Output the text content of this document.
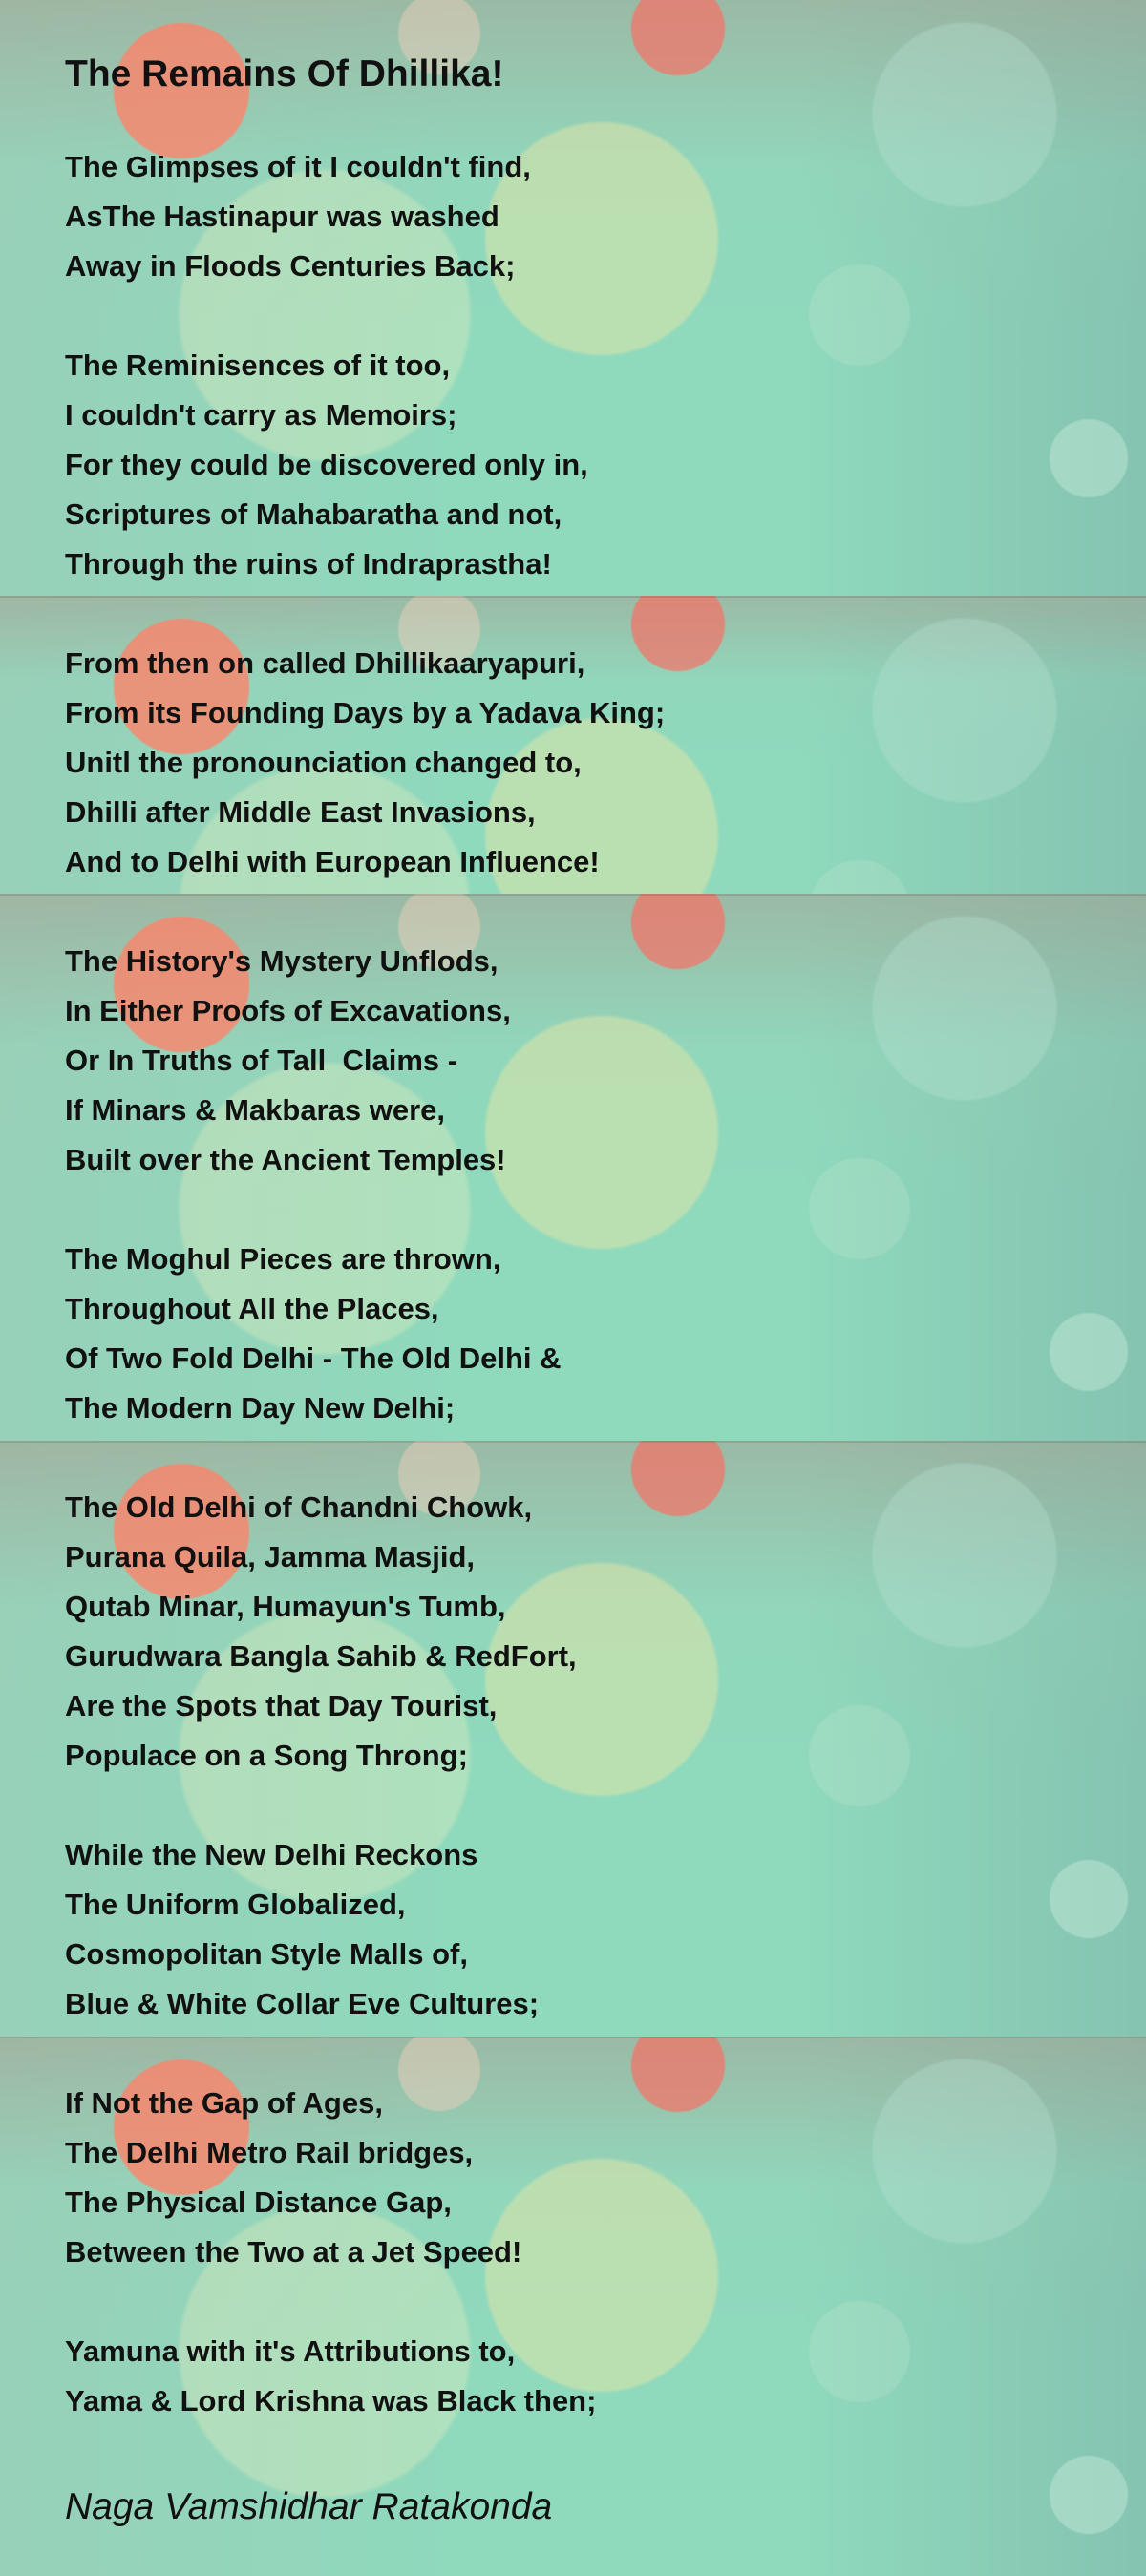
The Remains Of Dhillika!

The Glimpses of it I couldn't find,

AsThe Hastinapur was washed

Away in Floods Centuries Back;

The Reminisences of it too,

I couldn't carry as Memoirs;

For they could be discovered only in,

Scriptures of Mahabaratha and not,

Through the ruins of Indraprastha!

From then on called Dhillikaaryapuri,

From its Founding Days by a Yadava King;

Unitl the pronounciation changed to,

Dhilli after Middle East Invasions,

And to Delhi with European Influence!

The History's Mystery Unflods,

In Either Proofs of Excavations,

Or In Truths of Tall  Claims -

If Minars & Makbaras were,

Built over the Ancient Temples!

The Moghul Pieces are thrown,

Throughout All the Places,

Of Two Fold Delhi - The Old Delhi &

The Modern Day New Delhi;

The Old Delhi of Chandni Chowk,

Purana Quila, Jamma Masjid,

Qutab Minar, Humayun's Tumb,

Gurudwara Bangla Sahib & RedFort,

Are the Spots that Day Tourist,

Populace on a Song Throng;

While the New Delhi Reckons

The Uniform Globalized,

Cosmopolitan Style Malls of,

Blue & White Collar Eve Cultures;

If Not the Gap of Ages,

The Delhi Metro Rail bridges,

The Physical Distance Gap,

Between the Two at a Jet Speed!

Yamuna with it's Attributions to,

Yama & Lord Krishna was Black then;

Naga Vamshidhar Ratakonda
